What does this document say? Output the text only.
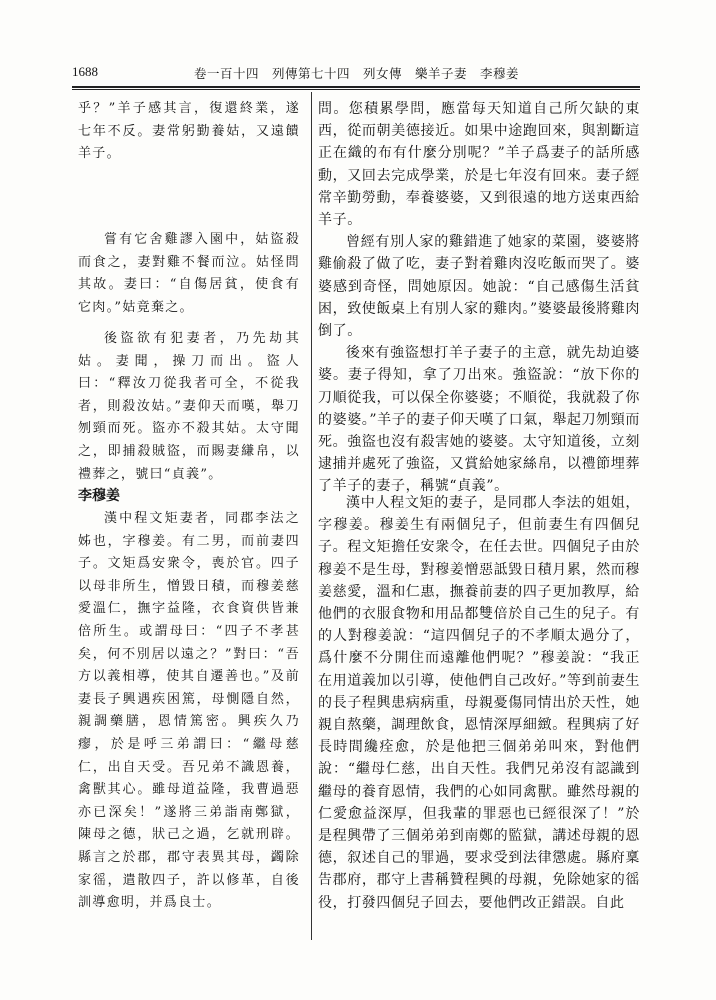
1688	卷一百十四　列傳第七十四　列女傳　樂羊子妻　李穆姜

乎？”羊子感其言，復還終業，遂七年不反。妻常躬勤養姑，又遠饋羊子。

嘗有它舍雞謬入園中，姑盜殺而食之，妻對雞不餐而泣。姑怪問其故。妻曰：“自傷居貧，使食有它肉。”姑竟棄之。

後盜欲有犯妻者，乃先劫其姑。妻聞，操刀而出。盜人曰：“釋汝刀從我者可全，不從我者，則殺汝姑。”妻仰天而嘆，舉刀刎頸而死。盜亦不殺其姑。太守聞之，即捕殺賊盜，而賜妻縑帛，以禮葬之，號曰“貞義”。

李穆姜

漢中程文矩妻者，同郡李法之姊也，字穆姜。有二男，而前妻四子。文矩爲安衆令，喪於官。四子以母非所生，憎毀日積，而穆姜慈愛溫仁，撫字益隆，衣食資供皆兼倍所生。或謂母曰：“四子不孝甚矣，何不別居以遠之？”對曰：“吾方以義相導，使其自遷善也。”及前妻長子興遇疾困篤，母惻隱自然，親調藥膳，恩情篤密。興疾久乃瘳，於是呼三弟謂曰：“繼母慈仁，出自天受。吾兄弟不識恩養，禽獸其心。雖母道益隆，我曹過惡亦已深矣！”遂將三弟詣南鄭獄，陳母之德，狀己之過，乞就刑辟。縣言之於郡，郡守表異其母，蠲除家徭，遣散四子，許以修革，自後訓導愈明，并爲良士。

問。您積累學問，應當每天知道自己所欠缺的東西，從而朝美德接近。如果中途跑回來，與割斷這正在織的布有什麼分別呢？”羊子爲妻子的話所感動，又回去完成學業，於是七年沒有回來。妻子經常辛勤勞動，奉養婆婆，又到很遠的地方送東西給羊子。

曾經有別人家的雞錯進了她家的菜園，婆婆將雞偷殺了做了吃，妻子對着雞肉沒吃飯而哭了。婆婆感到奇怪，問她原因。她說：“自己感傷生活貧困，致使飯桌上有別人家的雞肉。”婆婆最後將雞肉倒了。

後來有強盜想打羊子妻子的主意，就先劫迫婆婆。妻子得知，拿了刀出來。強盜說：“放下你的刀順從我，可以保全你婆婆；不順從，我就殺了你的婆婆。”羊子的妻子仰天嘆了口氣，舉起刀刎頸而死。強盜也沒有殺害她的婆婆。太守知道後，立刻逮捕并處死了強盜，又賞給她家絲帛，以禮節埋葬了羊子的妻子，稱號“貞義”。

漢中人程文矩的妻子，是同郡人李法的姐姐，字穆姜。穆姜生有兩個兒子，但前妻生有四個兒子。程文矩擔任安衆令，在任去世。四個兒子由於穆姜不是生母，對穆姜憎惡詆毀日積月累，然而穆姜慈愛，溫和仁惠，撫養前妻的四子更加教厚，給他們的衣服食物和用品都雙倍於自己生的兒子。有的人對穆姜說：“這四個兒子的不孝順太過分了，爲什麼不分開住而遠離他們呢？”穆姜說：“我正在用道義加以引導，使他們自己改好。”等到前妻生的長子程興患病病重，母親憂傷同情出於天性，她親自熬藥，調理飲食，恩情深厚細緻。程興病了好長時間纔痊愈，於是他把三個弟弟叫來，對他們說：“繼母仁慈，出自天性。我們兄弟沒有認識到繼母的養育恩情，我們的心如同禽獸。雖然母親的仁愛愈益深厚，但我輩的罪惡也已經很深了！”於是程興帶了三個弟弟到南鄭的監獄，講述母親的恩德，叙述自己的罪過，要求受到法律懲處。縣府稟告郡府，郡守上書稱贊程興的母親，免除她家的徭役，打發四個兒子回去，要他們改正錯誤。自此
